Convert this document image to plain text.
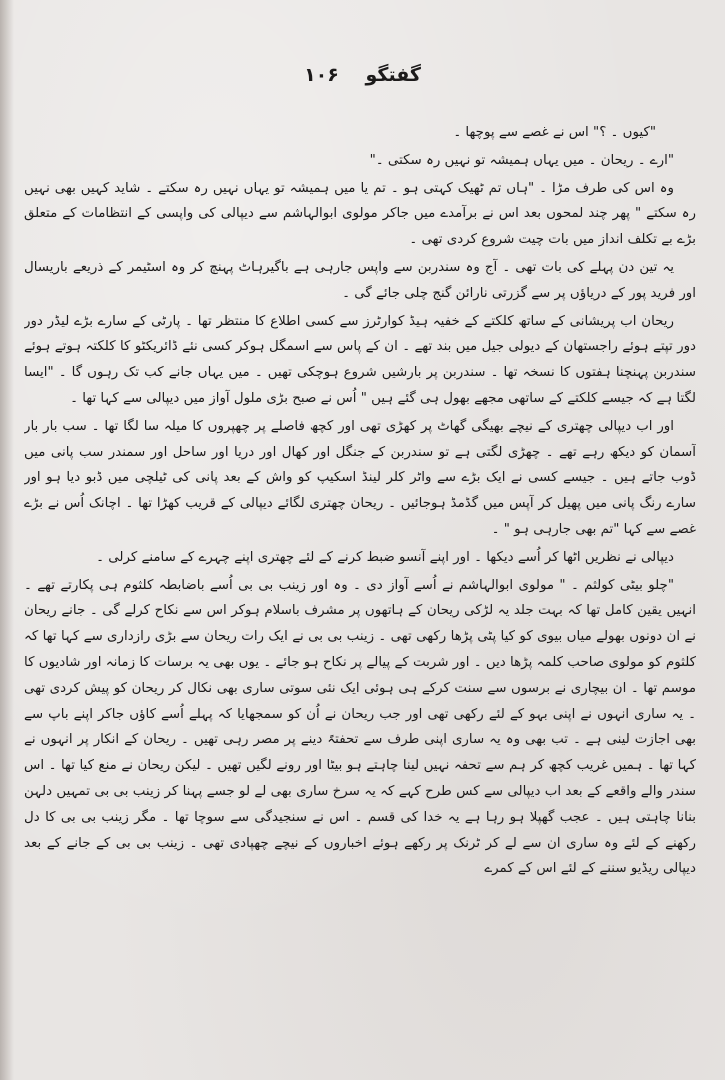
گفتگو ۱۰۶

"کیوں ۔ ؟" اس نے غصے سے پوچھا ۔

"ارے ۔ ریحان ۔ میں یہاں ہمیشہ تو نہیں رہ سکتی ۔"

وہ اس کی طرف مڑا ۔ "ہاں تم ٹھیک کہتی ہو ۔ تم یا میں ہمیشہ تو یہاں نہیں رہ سکتے ۔ شاید کہیں بھی نہیں رہ سکتے " پھر چند لمحوں بعد اس نے برآمدے میں جاکر مولوی ابوالہاشم سے دیپالی کی واپسی کے انتظامات کے متعلق بڑے بے تکلف انداز میں بات چیت شروع کردی تھی ۔

یہ تین دن پہلے کی بات تھی ۔ آج وہ سندربن سے واپس جارہی ہے باگیرہاٹ پہنچ کر وہ اسٹیمر کے ذریعے باریسال اور فرید پور کے دریاؤں پر سے گزرتی نارائن گنج چلی جائے گی ۔

ریحان اب پریشانی کے ساتھ کلکتے کے خفیہ ہیڈ کوارٹرز سے کسی اطلاع کا منتظر تھا ۔ پارٹی کے سارے بڑے لیڈر دور دور تپتے ہوئے راجستھان کے دیولی جیل میں بند تھے ۔ ان کے پاس سے اسمگل ہوکر کسی نئے ڈائریکٹو کا کلکتہ ہوتے ہوئے سندربن پہنچنا ہفتوں کا نسخہ تھا ۔ سندربن پر بارشیں شروع ہوچکی تھیں ۔ میں یہاں جانے کب تک رہوں گا ۔ "ایسا لگتا ہے کہ جیسے کلکتے کے ساتھی مجھے بھول ہی گئے ہیں " اُس نے صبح بڑی ملول آواز میں دیپالی سے کہا تھا ۔

اور اب دیپالی چھتری کے نیچے بھیگی گھاٹ پر کھڑی تھی اور کچھ فاصلے پر چھپروں کا میلہ سا لگا تھا ۔ سب بار بار آسمان کو دیکھ رہے تھے ۔ چھڑی لگتی ہے تو سندربن کے جنگل اور کھال اور دریا اور ساحل اور سمندر سب پانی میں ڈوب جاتے ہیں ۔ جیسے کسی نے ایک بڑے سے واٹر کلر لینڈ اسکیپ کو واش کے بعد پانی کی ٹیلچی میں ڈبو دیا ہو اور سارے رنگ پانی میں پھیل کر آپس میں گڈمڈ ہوجائیں ۔ ریحان چھتری لگائے دیپالی کے قریب کھڑا تھا ۔ اچانک اُس نے بڑے غصے سے کہا "تم بھی جارہی ہو " ۔

دیپالی نے نظریں اٹھا کر اُسے دیکھا ۔ اور اپنے آنسو ضبط کرنے کے لئے چھتری اپنے چہرے کے سامنے کرلی ۔

"چلو بیٹی کولثم ۔ " مولوی ابوالہاشم نے اُسے آواز دی ۔ وہ اور زینب بی بی اُسے باضابطہ کلثوم ہی پکارتے تھے ۔ انہیں یقین کامل تھا کہ بہت جلد یہ لڑکی ریحان کے ہاتھوں پر مشرف باسلام ہوکر اس سے نکاح کرلے گی ۔ جانے ریحان نے ان دونوں بھولے میاں بیوی کو کیا پٹی پڑھا رکھی تھی ۔ زینب بی بی نے ایک رات ریحان سے بڑی رازداری سے کہا تھا کہ کلثوم کو مولوی صاحب کلمہ پڑھا دیں ۔ اور شربت کے پیالے پر نکاح ہو جائے ۔ یوں بھی یہ برسات کا زمانہ اور شادیوں کا موسم تھا ۔ ان بیچاری نے برسوں سے سنت کرکے ہی ہوئی ایک نئی سوتی ساری بھی نکال کر ریحان کو پیش کردی تھی ۔ یہ ساری انہوں نے اپنی بہو کے لئے رکھی تھی اور جب ریحان نے اُن کو سمجھایا کہ پہلے اُسے کاؤں جاکر اپنے باپ سے بھی اجازت لینی ہے ۔ تب بھی وہ یہ ساری اپنی طرف سے تحفتہً دینے پر مصر رہی تھیں ۔ ریحان کے انکار پر انہوں نے کہا تھا ۔ ہمیں غریب کچھ کر ہم سے تحفہ نہیں لینا چاہتے ہو بیٹا اور رونے لگیں تھیں ۔ لیکن ریحان نے منع کیا تھا ۔ اس سندر والے واقعے کے بعد اب دیپالی سے کس طرح کہے کہ یہ سرخ ساری بھی لے لو جسے پہنا کر زینب بی بی تمہیں دلہن بنانا چاہتی ہیں ۔ عجب گھپلا ہو رہا ہے یہ خدا کی قسم ۔ اس نے سنجیدگی سے سوچا تھا ۔ مگر زینب بی بی کا دل رکھنے کے لئے وہ ساری ان سے لے کر ٹرنک پر رکھے ہوئے اخباروں کے نیچے چھپادی تھی ۔ زینب بی بی کے جانے کے بعد دیپالی ریڈیو سننے کے لئے اس کے کمرے
